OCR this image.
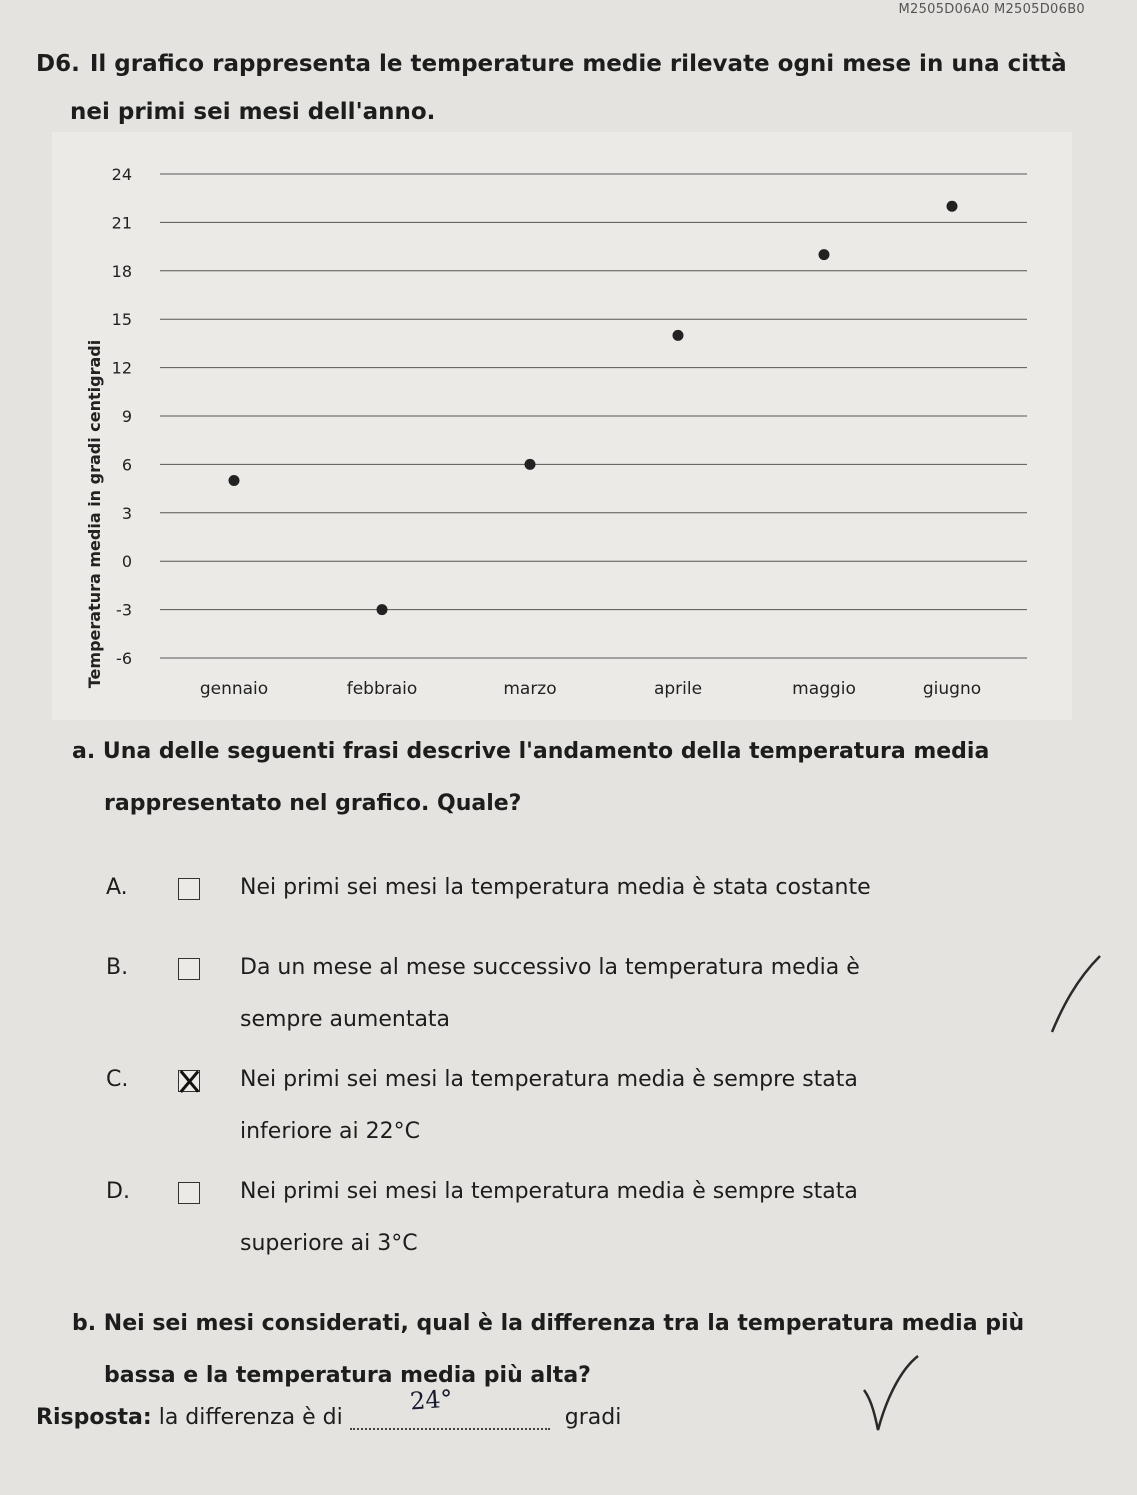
M2505D06A0 M2505D06B0
D6. Il grafico rappresenta le temperature medie rilevate ogni mese in una città
nei primi sei mesi dell'anno.
Temperatura media in gradi centigradi
24
21
18
15
12
9
6
3
0
-3
-6
gennaio	febbraio	marzo	aprile	maggio	giugno
a. Una delle seguenti frasi descrive l'andamento della temperatura media
rappresentato nel grafico. Quale?
A.	Nei primi sei mesi la temperatura media è stata costante
B.	Da un mese al mese successivo la temperatura media è
sempre aumentata
C.	Nei primi sei mesi la temperatura media è sempre stata
inferiore ai 22°C
D.	Nei primi sei mesi la temperatura media è sempre stata
superiore ai 3°C
b. Nei sei mesi considerati, qual è la differenza tra la temperatura media più
bassa e la temperatura media più alta?
Risposta: la differenza è di
24°
gradi
